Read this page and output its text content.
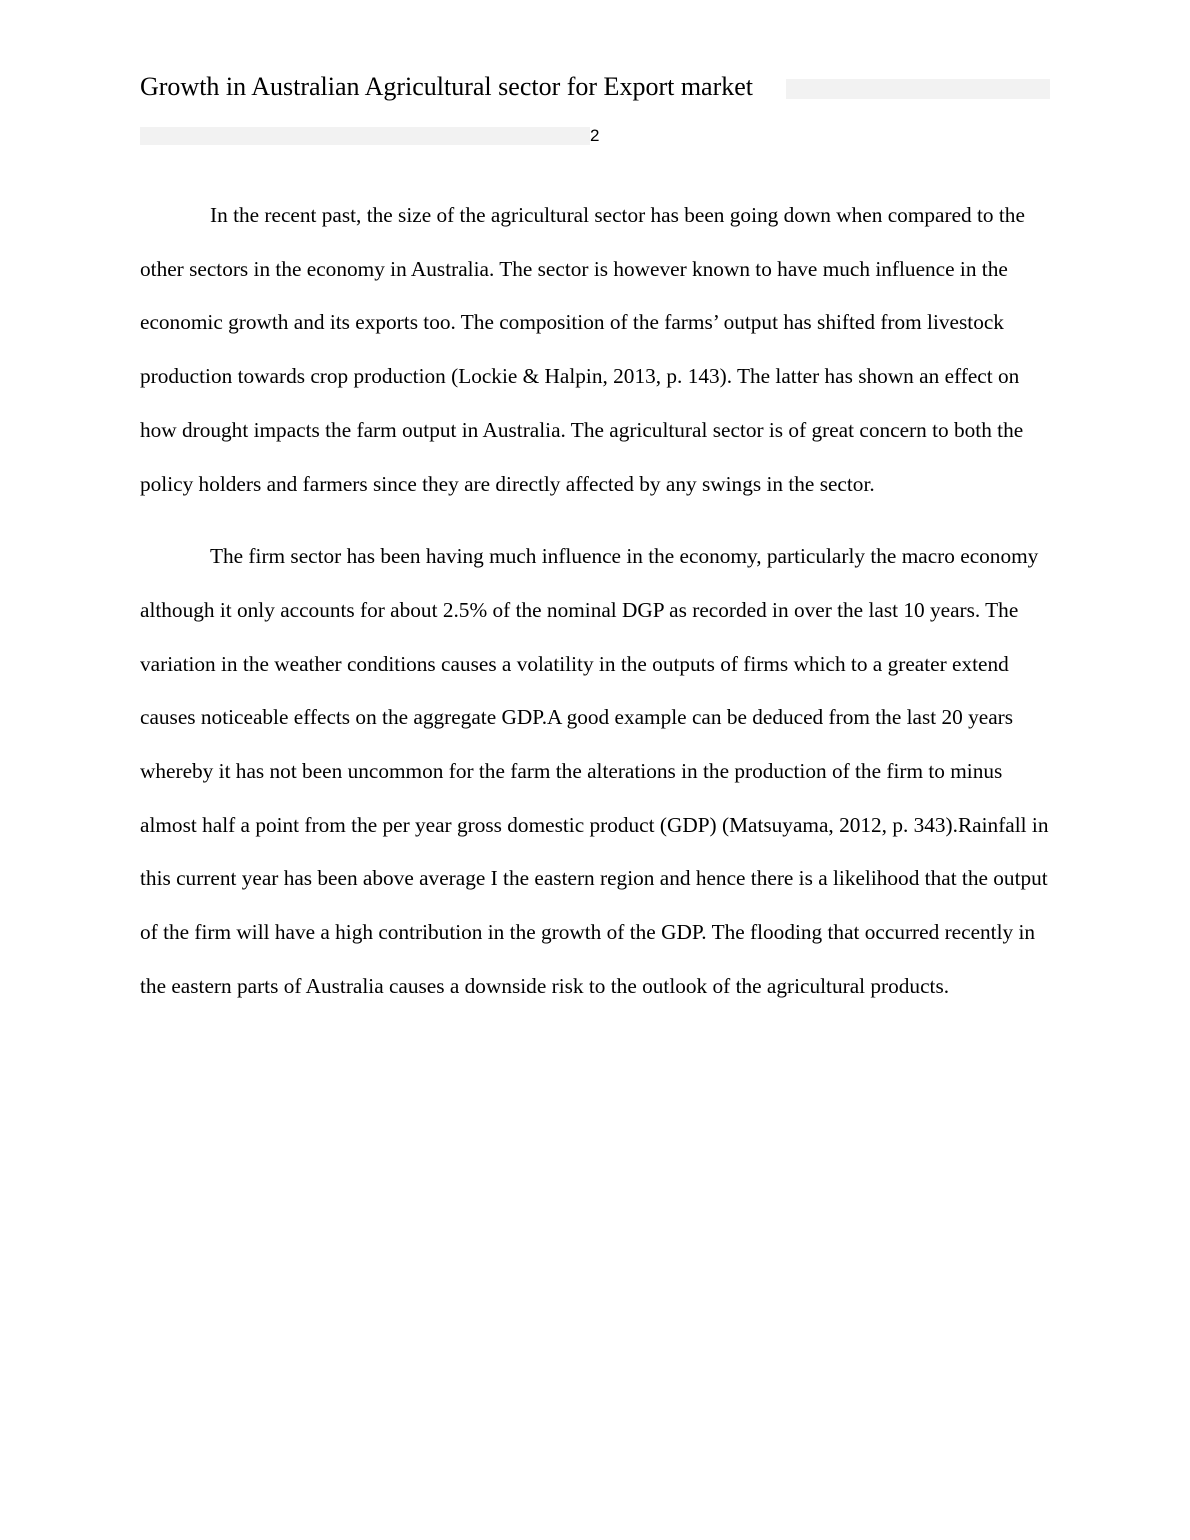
Growth in Australian Agricultural sector for Export market
2

In the recent past, the size of the agricultural sector has been going down when compared to the other sectors in the economy in Australia. The sector is however known to have much influence in the economic growth and its exports too. The composition of the farms’ output has shifted from livestock production towards crop production (Lockie & Halpin, 2013, p. 143). The latter has shown an effect on how drought impacts the farm output in Australia. The agricultural sector is of great concern to both the policy holders and farmers since they are directly affected by any swings in the sector.

The firm sector has been having much influence in the economy, particularly the macro economy although it only accounts for about 2.5% of the nominal DGP as recorded in over the last 10 years. The variation in the weather conditions causes a volatility in the outputs of firms which to a greater extend causes noticeable effects on the aggregate GDP.A good example can be deduced from the last 20 years whereby it has not been uncommon for the farm the alterations in the production of the firm to minus almost half a point from the per year gross domestic product (GDP) (Matsuyama, 2012, p. 343).Rainfall in this current year has been above average I the eastern region and hence there is a likelihood that the output of the firm will have a high contribution in the growth of the GDP. The flooding that occurred recently in the eastern parts of Australia causes a downside risk to the outlook of the agricultural products.
